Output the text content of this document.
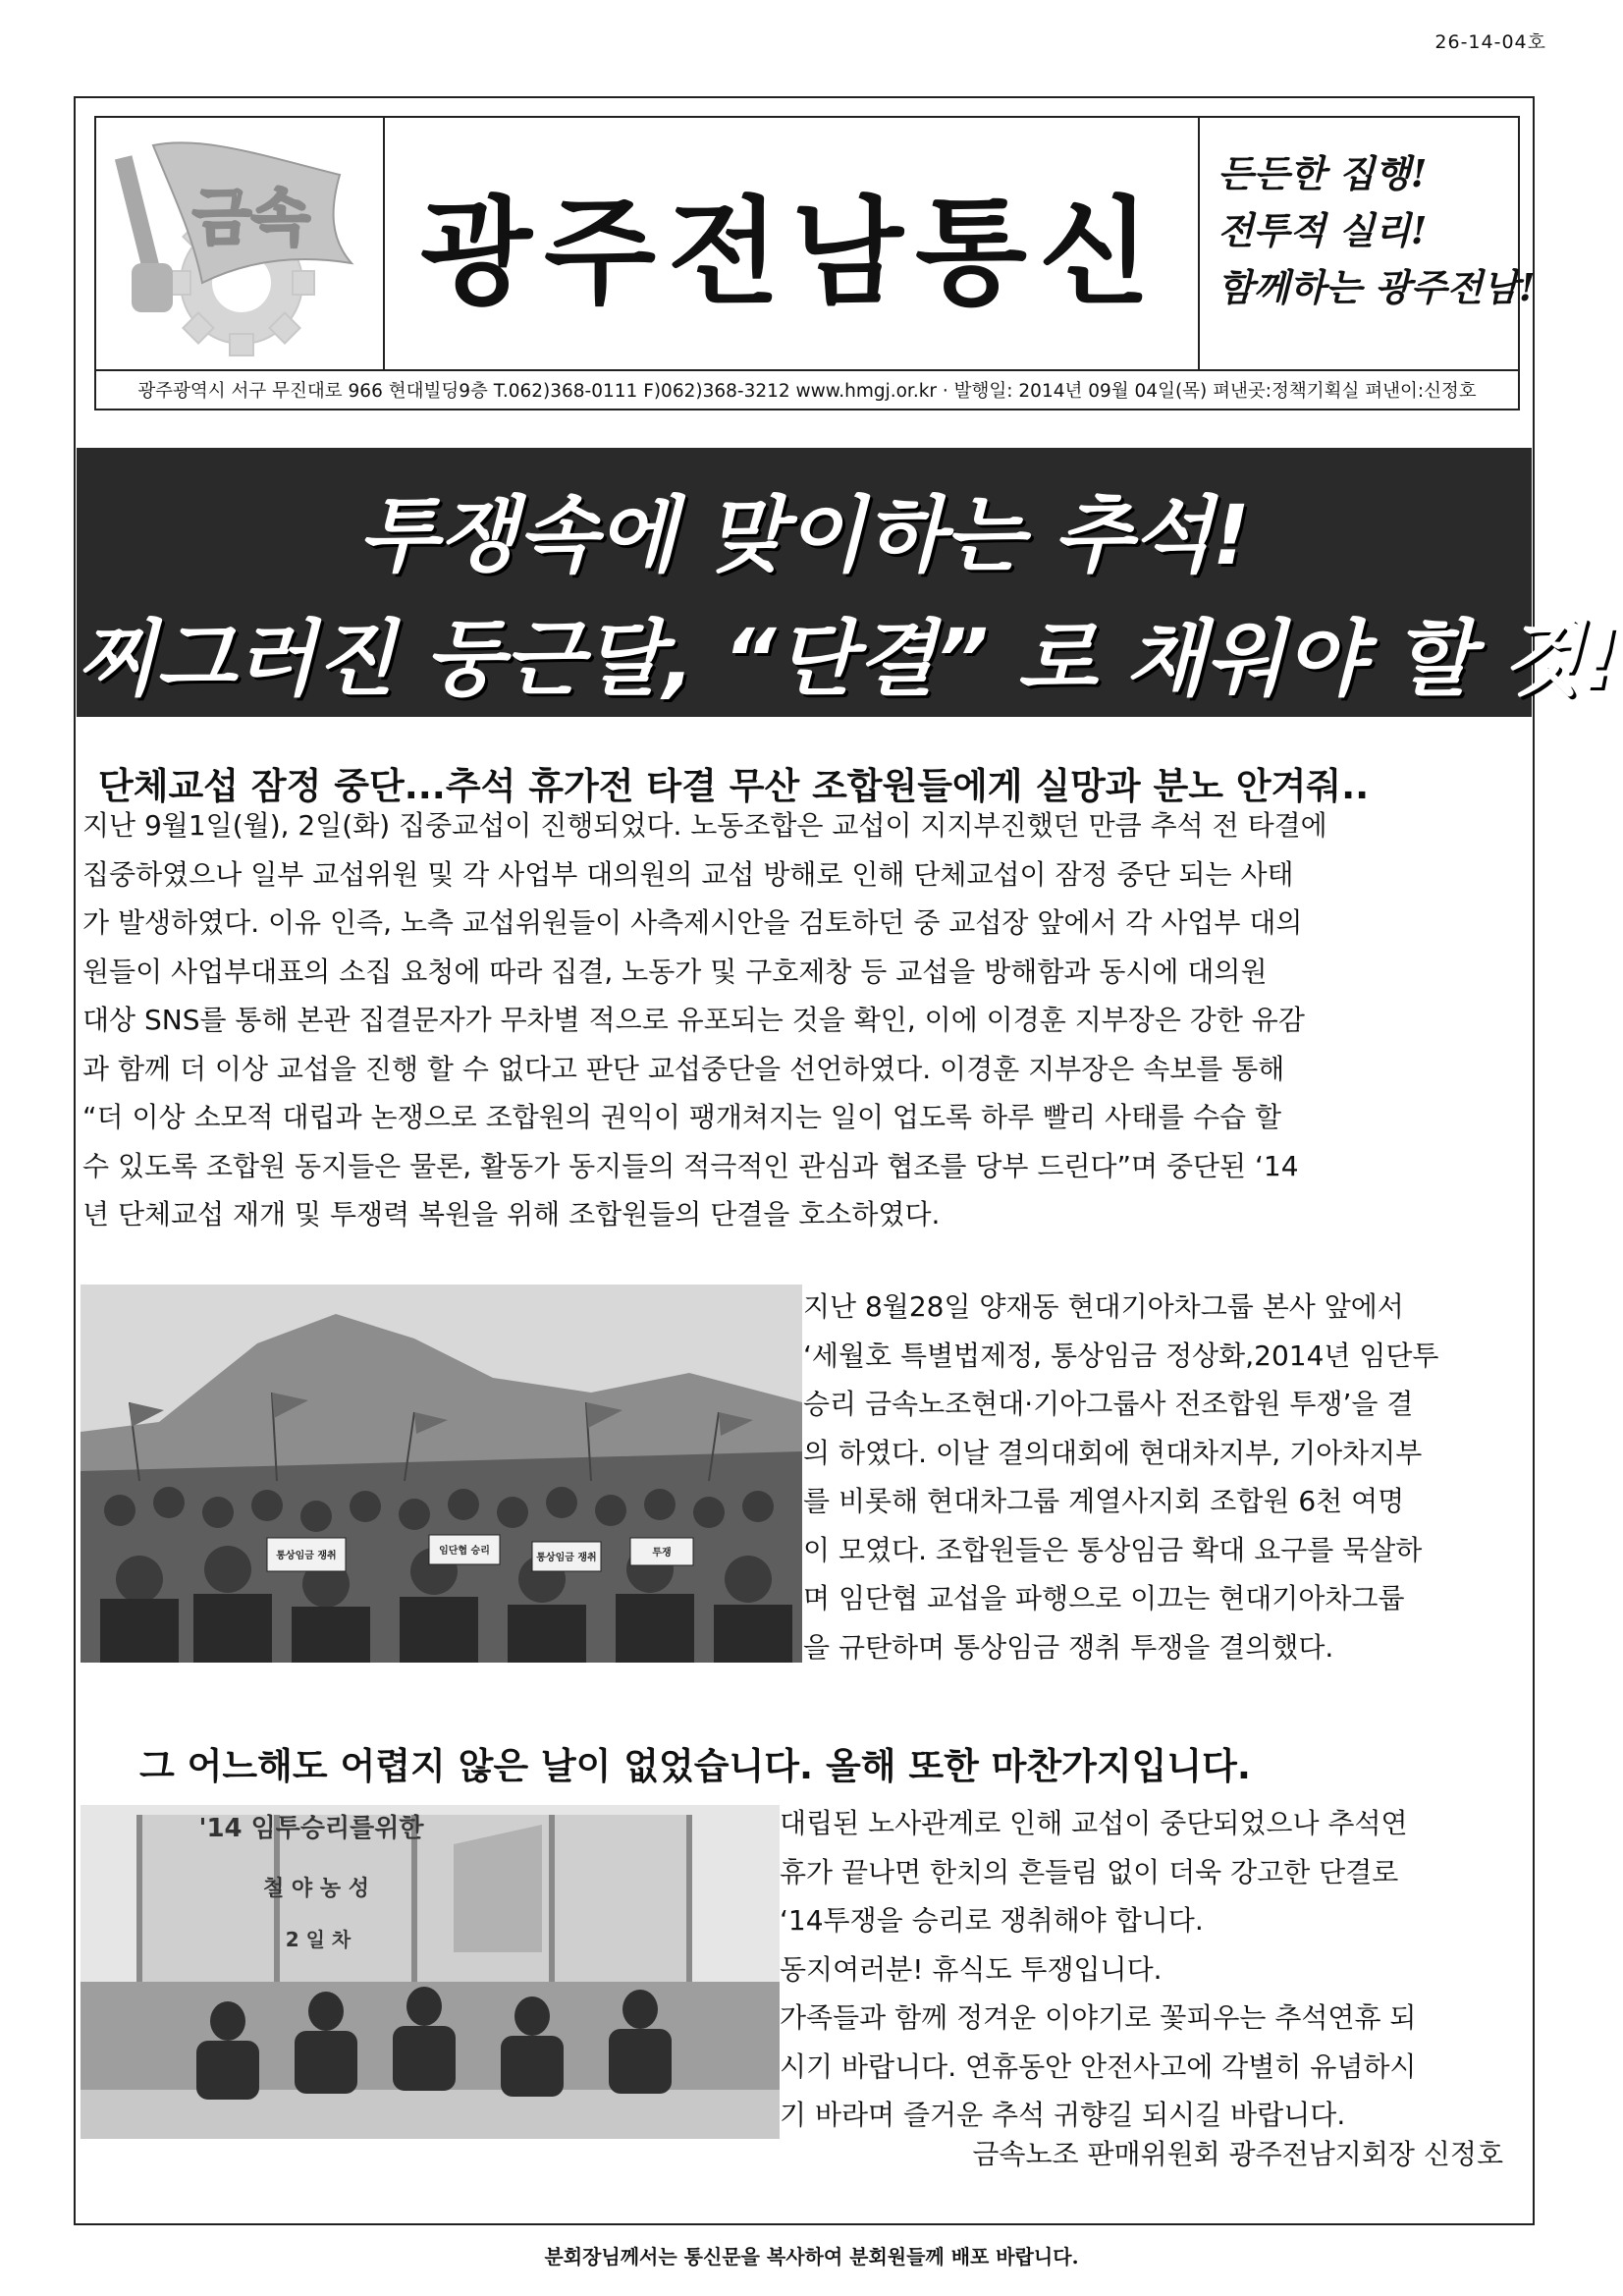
26-14-04호
금속 광주전남통신
든든한 집행!
전투적 실리!
함께하는 광주전남!
광주광역시 서구 무진대로 966 현대빌딩9층 T.062)368-0111 F)062)368-3212 www.hmgj.or.kr · 발행일: 2014년 09월 04일(목) 펴낸곳:정책기획실 펴낸이:신정호
투쟁속에 맞이하는 추석!
찌그러진 둥근달, “단결” 로 채워야 할 것!
단체교섭 잠정 중단...추석 휴가전 타결 무산 조합원들에게 실망과 분노 안겨줘..
지난 9월1일(월), 2일(화) 집중교섭이 진행되었다. 노동조합은 교섭이 지지부진했던 만큼 추석 전 타결에
집중하였으나 일부 교섭위원 및 각 사업부 대의원의 교섭 방해로 인해 단체교섭이 잠정 중단 되는 사태
가 발생하였다. 이유 인즉, 노측 교섭위원들이 사측제시안을 검토하던 중 교섭장 앞에서 각 사업부 대의
원들이 사업부대표의 소집 요청에 따라 집결, 노동가 및 구호제창 등 교섭을 방해함과 동시에 대의원
대상 SNS를 통해 본관 집결문자가 무차별 적으로 유포되는 것을 확인, 이에 이경훈 지부장은 강한 유감
과 함께 더 이상 교섭을 진행 할 수 없다고 판단 교섭중단을 선언하였다. 이경훈 지부장은 속보를 통해
“더 이상 소모적 대립과 논쟁으로 조합원의 권익이 팽개쳐지는 일이 업도록 하루 빨리 사태를 수습 할
수 있도록 조합원 동지들은 물론, 활동가 동지들의 적극적인 관심과 협조를 당부 드린다”며 중단된 ‘14
년 단체교섭 재개 및 투쟁력 복원을 위해 조합원들의 단결을 호소하였다.
통상임금 쟁취	임단협 승리
통상임금 쟁취	투쟁
지난 8월28일 양재동 현대기아차그룹 본사 앞에서
‘세월호 특별법제정, 통상임금 정상화,2014년 임단투
승리 금속노조현대·기아그룹사 전조합원 투쟁’을 결
의 하였다. 이날 결의대회에 현대차지부, 기아차지부
를 비롯해 현대차그룹 계열사지회 조합원 6천 여명
이 모였다. 조합원들은 통상임금 확대 요구를 묵살하
며 임단협 교섭을 파행으로 이끄는 현대기아차그룹
을 규탄하며 통상임금 쟁취 투쟁을 결의했다.
그 어느해도 어렵지 않은 날이 없었습니다. 올해 또한 마찬가지입니다.
'14 임투승리를위한
철 야 농 성
2 일 차
대립된 노사관계로 인해 교섭이 중단되었으나 추석연
휴가 끝나면 한치의 흔들림 없이 더욱 강고한 단결로
‘14투쟁을 승리로 쟁취해야 합니다.
동지여러분! 휴식도 투쟁입니다.
가족들과 함께 정겨운 이야기로 꽃피우는 추석연휴 되
시기 바랍니다. 연휴동안 안전사고에 각별히 유념하시
기 바라며 즐거운 추석 귀향길 되시길 바랍니다.
금속노조 판매위원회 광주전남지회장 신정호
분회장님께서는 통신문을 복사하여 분회원들께 배포 바랍니다.
